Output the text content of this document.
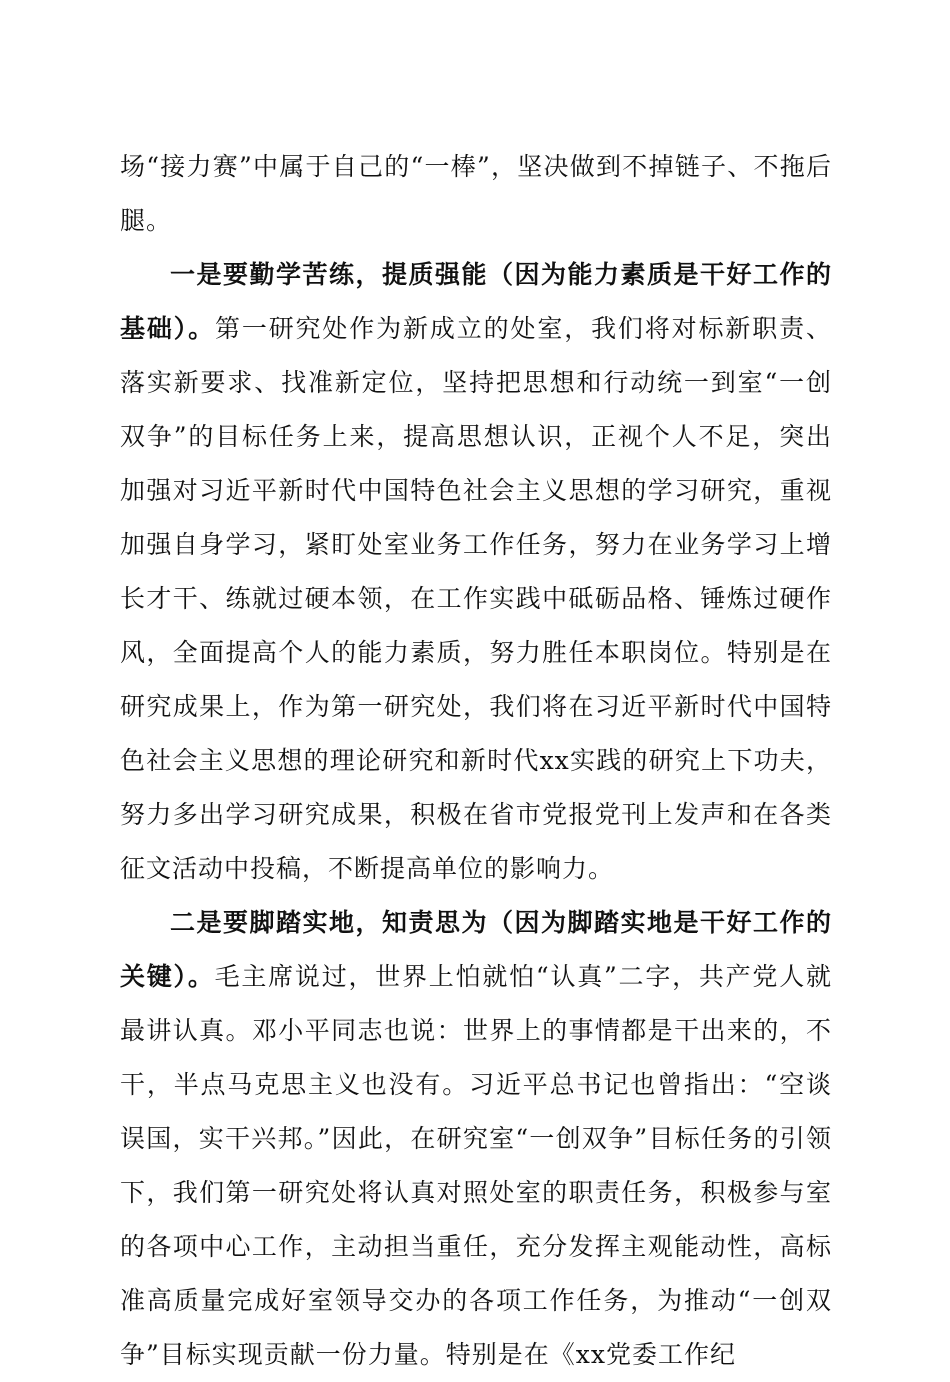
场“接力赛”中属于自己的“一棒”，坚决做到不掉链子、不拖后腿。

一是要勤学苦练，提质强能（因为能力素质是干好工作的基础）。第一研究处作为新成立的处室，我们将对标新职责、落实新要求、找准新定位，坚持把思想和行动统一到室“一创双争”的目标任务上来，提高思想认识，正视个人不足，突出加强对习近平新时代中国特色社会主义思想的学习研究，重视加强自身学习，紧盯处室业务工作任务，努力在业务学习上增长才干、练就过硬本领，在工作实践中砥砺品格、锤炼过硬作风，全面提高个人的能力素质，努力胜任本职岗位。特别是在研究成果上，作为第一研究处，我们将在习近平新时代中国特色社会主义思想的理论研究和新时代xx实践的研究上下功夫，努力多出学习研究成果，积极在省市党报党刊上发声和在各类征文活动中投稿，不断提高单位的影响力。

二是要脚踏实地，知责思为（因为脚踏实地是干好工作的关键）。毛主席说过，世界上怕就怕“认真”二字，共产党人就最讲认真。邓小平同志也说：世界上的事情都是干出来的，不干，半点马克思主义也没有。习近平总书记也曾指出：“空谈误国，实干兴邦。”因此，在研究室“一创双争”目标任务的引领下，我们第一研究处将认真对照处室的职责任务，积极参与室的各项中心工作，主动担当重任，充分发挥主观能动性，高标准高质量完成好室领导交办的各项工作任务，为推动“一创双争”目标实现贡献一份力量。特别是在《xx党委工作纪
